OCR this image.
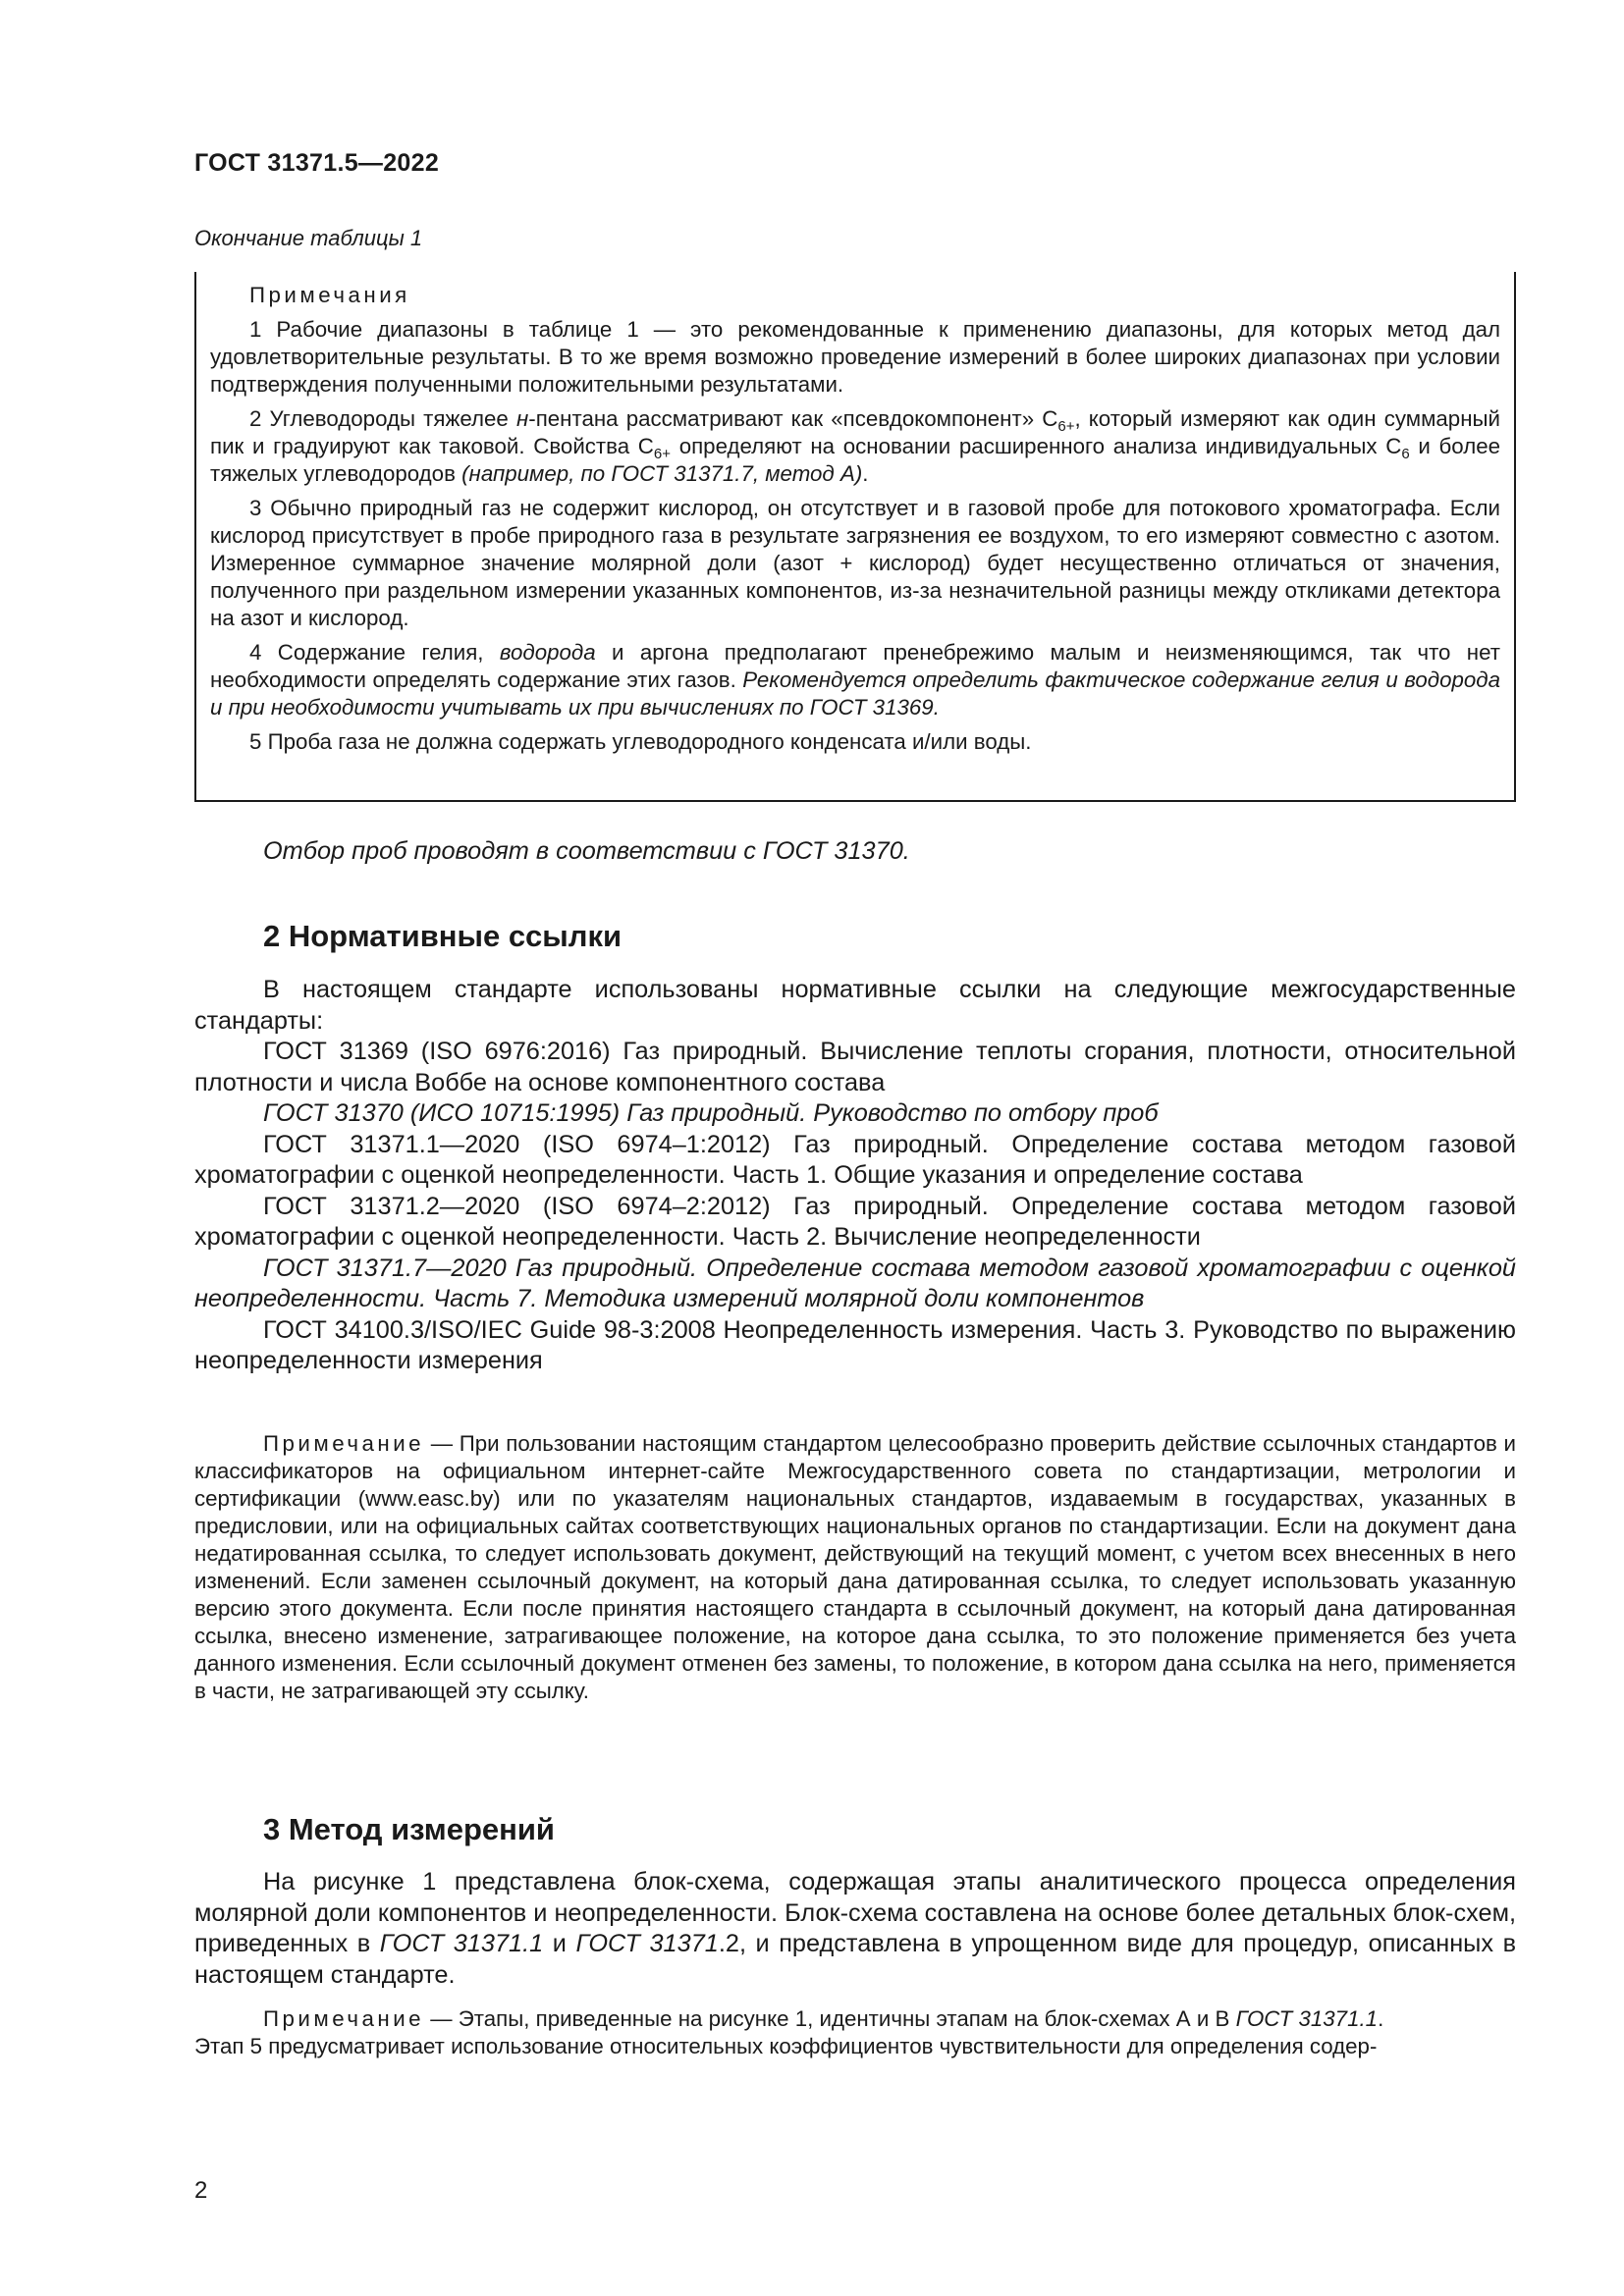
ГОСТ 31371.5—2022
Окончание таблицы 1

Примечания

1 Рабочие диапазоны в таблице 1 — это рекомендованные к применению диапазоны, для которых метод дал удовлетворительные результаты. В то же время возможно проведение измерений в более широких диапазонах при условии подтверждения полученными положительными результатами.

2 Углеводороды тяжелее н-пентана рассматривают как «псевдокомпонент» $С_{6+}$, который измеряют как один суммарный пик и градуируют как таковой. Свойства $С_{6+}$ определяют на основании расширенного анализа индивидуальных $С_6$ и более тяжелых углеводородов (например, по ГОСТ 31371.7, метод А).

3 Обычно природный газ не содержит кислород, он отсутствует и в газовой пробе для потокового хроматографа. Если кислород присутствует в пробе природного газа в результате загрязнения ее воздухом, то его измеряют совместно с азотом. Измеренное суммарное значение молярной доли (азот + кислород) будет несущественно отличаться от значения, полученного при раздельном измерении указанных компонентов, из-за незначительной разницы между откликами детектора на азот и кислород.

4 Содержание гелия, водорода и аргона предполагают пренебрежимо малым и неизменяющимся, так что нет необходимости определять содержание этих газов. Рекомендуется определить фактическое содержание гелия и водорода и при необходимости учитывать их при вычислениях по ГОСТ 31369.

5 Проба газа не должна содержать углеводородного конденсата и/или воды.

Отбор проб проводят в соответствии с ГОСТ 31370.

2 Нормативные ссылки

В настоящем стандарте использованы нормативные ссылки на следующие межгосударственные стандарты:

ГОСТ 31369 (ISO 6976:2016) Газ природный. Вычисление теплоты сгорания, плотности, относительной плотности и числа Воббе на основе компонентного состава

ГОСТ 31370 (ИСО 10715:1995) Газ природный. Руководство по отбору проб

ГОСТ 31371.1—2020 (ISO 6974–1:2012) Газ природный. Определение состава методом газовой хроматографии с оценкой неопределенности. Часть 1. Общие указания и определение состава

ГОСТ 31371.2—2020 (ISO 6974–2:2012) Газ природный. Определение состава методом газовой хроматографии с оценкой неопределенности. Часть 2. Вычисление неопределенности

ГОСТ 31371.7—2020 Газ природный. Определение состава методом газовой хроматографии с оценкой неопределенности. Часть 7. Методика измерений молярной доли компонентов

ГОСТ 34100.3/ISO/IEC Guide 98-3:2008 Неопределенность измерения. Часть 3. Руководство по выражению неопределенности измерения

Примечание — При пользовании настоящим стандартом целесообразно проверить действие ссылочных стандартов и классификаторов на официальном интернет-сайте Межгосударственного совета по стандартизации, метрологии и сертификации (www.easc.by) или по указателям национальных стандартов, издаваемым в государствах, указанных в предисловии, или на официальных сайтах соответствующих национальных органов по стандартизации. Если на документ дана недатированная ссылка, то следует использовать документ, действующий на текущий момент, с учетом всех внесенных в него изменений. Если заменен ссылочный документ, на который дана датированная ссылка, то следует использовать указанную версию этого документа. Если после принятия настоящего стандарта в ссылочный документ, на который дана датированная ссылка, внесено изменение, затрагивающее положение, на которое дана ссылка, то это положение применяется без учета данного изменения. Если ссылочный документ отменен без замены, то положение, в котором дана ссылка на него, применяется в части, не затрагивающей эту ссылку.

3 Метод измерений

На рисунке 1 представлена блок-схема, содержащая этапы аналитического процесса определения молярной доли компонентов и неопределенности. Блок-схема составлена на основе более детальных блок-схем, приведенных в ГОСТ 31371.1 и ГОСТ 31371.2, и представлена в упрощенном виде для процедур, описанных в настоящем стандарте.

Примечание — Этапы, приведенные на рисунке 1, идентичны этапам на блок-схемах А и В ГОСТ 31371.1.

Этап 5 предусматривает использование относительных коэффициентов чувствительности для определения содер-

2
